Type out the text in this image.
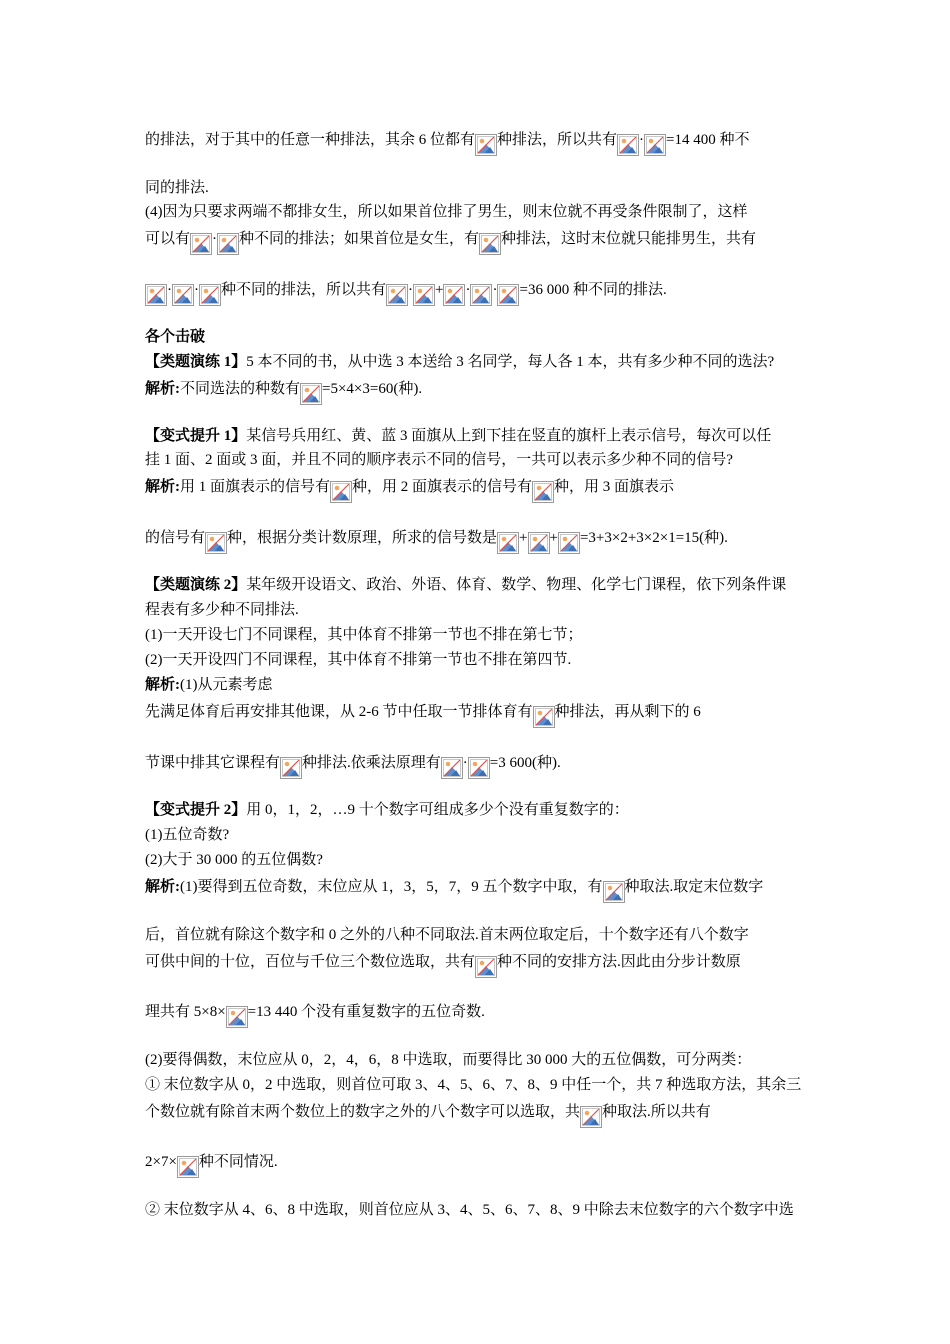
的排法，对于其中的任意一种排法，其余 6 位都有 种排法，所以共有 · =14 400 种不
同的排法.
(4)因为只要求两端不都排女生，所以如果首位排了男生，则末位就不再受条件限制了，这样
可以有 · 种不同的排法；如果首位是女生，有 种排法，这时末位就只能排男生，共有
· · 种不同的排法，所以共有 · + · · =36 000 种不同的排法.
各个击破
【类题演练 1】5 本不同的书，从中选 3 本送给 3 名同学，每人各 1 本，共有多少种不同的选法?
解析:不同选法的种数有 =5×4×3=60(种).
【变式提升 1】某信号兵用红、黄、蓝 3 面旗从上到下挂在竖直的旗杆上表示信号，每次可以任
挂 1 面、2 面或 3 面，并且不同的顺序表示不同的信号，一共可以表示多少种不同的信号?
解析:用 1 面旗表示的信号有 种，用 2 面旗表示的信号有 种，用 3 面旗表示
的信号有 种，根据分类计数原理，所求的信号数是 + + =3+3×2+3×2×1=15(种).
【类题演练 2】某年级开设语文、政治、外语、体育、数学、物理、化学七门课程，依下列条件课
程表有多少种不同排法.
(1)一天开设七门不同课程，其中体育不排第一节也不排在第七节；
(2)一天开设四门不同课程，其中体育不排第一节也不排在第四节.
解析:(1)从元素考虑
先满足体育后再安排其他课，从 2-6 节中任取一节排体育有 种排法，再从剩下的 6
节课中排其它课程有 种排法.依乘法原理有 · =3 600(种).
【变式提升 2】用 0，1，2，…9 十个数字可组成多少个没有重复数字的：
(1)五位奇数?
(2)大于 30 000 的五位偶数?
解析:(1)要得到五位奇数，末位应从 1，3，5，7，9 五个数字中取，有 种取法.取定末位数字
后，首位就有除这个数字和 0 之外的八种不同取法.首末两位取定后，十个数字还有八个数字
可供中间的十位，百位与千位三个数位选取，共有 种不同的安排方法.因此由分步计数原
理共有 5×8× =13 440 个没有重复数字的五位奇数.
(2)要得偶数，末位应从 0，2，4，6，8 中选取，而要得比 30 000 大的五位偶数，可分两类：
① 末位数字从 0，2 中选取，则首位可取 3、4、5、6、7、8、9 中任一个，共 7 种选取方法，其余三
个数位就有除首末两个数位上的数字之外的八个数字可以选取，共 种取法.所以共有
2×7× 种不同情况.
② 末位数字从 4、6、8 中选取，则首位应从 3、4、5、6、7、8、9 中除去末位数字的六个数字中选
